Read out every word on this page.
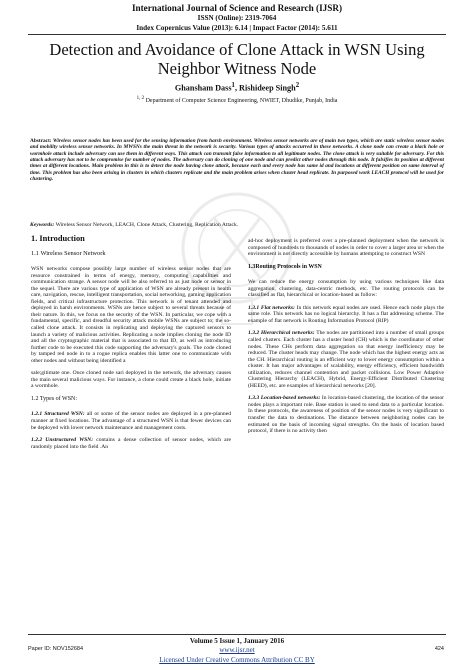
International Journal of Science and Research (IJSR)
ISSN (Online): 2319-7064
Index Copernicus Value (2013): 6.14 | Impact Factor (2014): 5.611
Detection and Avoidance of Clone Attack in WSN Using Neighbor Witness Node
Ghansham Dass$^1$, Rishideep Singh$^2$
$^{1, 2}$ Department of Computer Science Engineering, NWIET, Dhudike, Punjab, India
Abstract: Wireless sensor nodes has been used for the sensing information from harsh environment. Wireless sensor networks are of main two types, which are static wireless sensor nodes and mobility wireless sensor networks. In MWSNs the main threat in the network is security. Various types of attacks occurred in these networks. A clone node can create a black hole or wormhole attack include adversary can use them in different ways. This attack can transmit false information to all legitimate nodes. The clone attack is very suitable for adversary. For this attack adversary has not to be compromise for number of nodes. The adversary can do cloning of one node and can predict other nodes through this node. It falsifies its position at different times at different locations. Main problem in this is to detect the node having clone attack, because each and every node has same id and locations at different position on same interval of time. This problem has also been arising in clusters in which clusters replicate and the main problem arises when cluster head replicate. In purposed work LEACH protocol will be used for clustering.
Keywords: Wireless Sensor Network, LEACH, Clone Attack, Clustering, Replication Attack.
1. Introduction
1.1 Wireless Sensor Network

WSN networks compose possibly large number of wireless sensor nodes that are resource constrained in terms of energy, memory, computing capabilities and communication strange. A sensor node will be also referred to as just node or sensor in the sequel. There are various type of application of WSN are already present in health care, navigation, rescue, intelligent transportation, social networking, gaming application fields, and critical infrastructure protection. This network is of tenant attended and deployed in harsh environments. WSNs are hence subject to several threats because of their nature. In this, we focus on the security of the WSN. In particular, we cope with a fundamental, specific, and dreadful security attack mobile WSNs are subject to; the so-called clone attack. It consists in replicating and deploying the captured sensors to launch a variety of malicious activities. Replicating a node implies cloning the node ID and all the cryptographic material that is associated to that ID, as well as introducing further code to be executed this code supporting the adversary's goals. The code cloned by tamped red node in to a rogue replica enables this latter one to communicate with other nodes and without being identified a

sale;gitimate one. Once cloned node sari deployed in the network, the adversary causes the main several malicious ways. For instance, a clone could create a black hole, initiate a wormhole.

1.2 Types of WSN:

1.2.1 Structured WSN: all or some of the sensor nodes are deployed in a pre-planned manner at fixed locations. The advantage of a structured WSN is that fewer devices can be deployed with lower network maintenance and management costs.

1.2.2 Unstructured WSN: contains a dense collection of sensor nodes, which are randomly placed into the field .An

ad-hoc deployment is preferred over a pre-planned deployment when the network is composed of hundreds to thousands of nodes in order to cover a larger area or when the environment is not directly accessible by humans attempting to construct WSN

1.3Routing Protocols in WSN

We can reduce the energy consumption by using various techniques like data aggregation, clustering, data-centric methods, etc. The routing protocols can be classified as flat, hierarchical or location-based as follow:

1.3.1 Flat networks: In this network equal nodes are used. Hence each node plays the same role. This network has no logical hierarchy. It has a flat addressing scheme. The example of flat network is Routing Information Protocol (RIP)

1.3.2 Hierarchical networks: The nodes are partitioned into a number of small groups called clusters. Each cluster has a cluster head (CH) which is the coordinator of other nodes. These CHs perform data aggregation so that energy inefficiency may be reduced. The cluster heads may change. The node which has the highest energy acts as the CH. Hierarchical routing is an efficient way to lower energy consumption within a cluster. It has major advantages of scalability, energy efficiency, efficient bandwidth utilization, reduces channel contention and packet collisions. Low Power Adaptive Clustering Hierarchy (LEACH), Hybrid, Energy-Efficient Distributed Clustering (HEED), etc. are examples of hierarchical networks [20].

1.3.3 Location-based networks: In location-based clustering, the location of the sensor nodes plays a important role. Base station is used to send data to a particular location. In these protocols, the awareness of position of the sensor nodes is very significant to transfer the data to destinations. The distance between neighboring nodes can be estimated on the basis of incoming signal strengths. On the basis of location based protocol, if there is no activity then

Volume 5 Issue 1, January 2016
Paper ID: NOV152684	www.ijsr.net	424
Licensed Under Creative Commons Attribution CC BY
